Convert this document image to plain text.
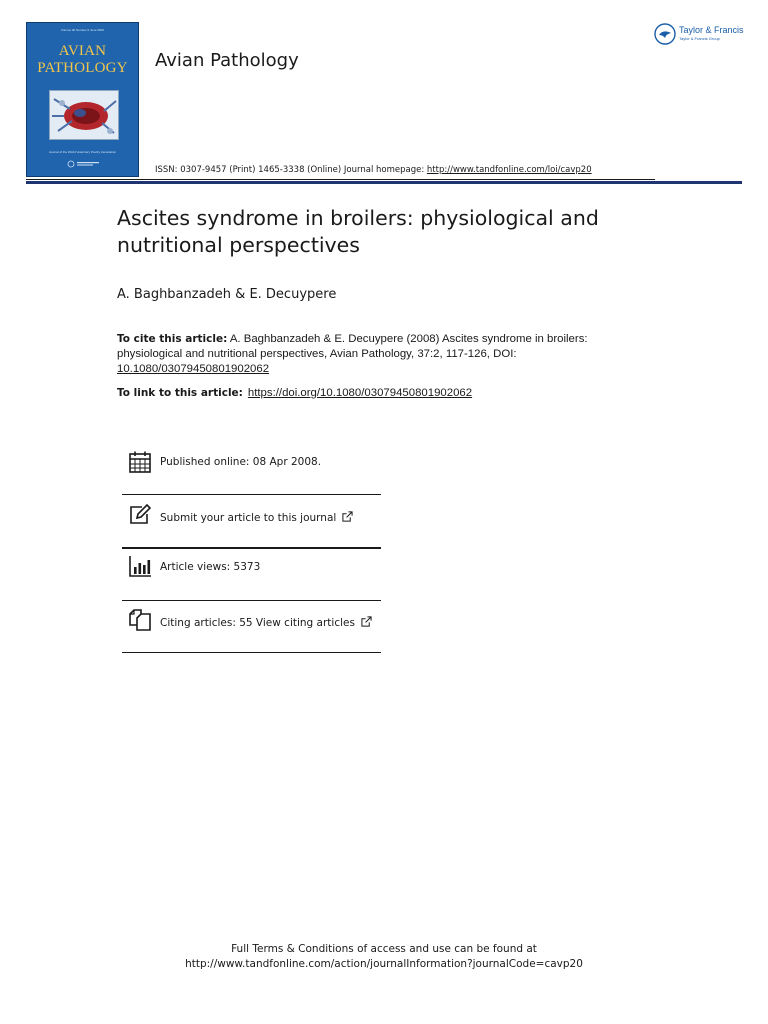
Volume 00 Number 0 June 0000
AVIAN
PATHOLOGY
Journal of the World Veterinary Poultry Association
Avian Pathology
Taylor & Francis
Taylor & Francis Group
ISSN: 0307-9457 (Print) 1465-3338 (Online) Journal homepage: http://www.tandfonline.com/loi/cavp20
Ascites syndrome in broilers: physiological and nutritional perspectives
A. Baghbanzadeh & E. Decuypere
To cite this article: A. Baghbanzadeh & E. Decuypere (2008) Ascites syndrome in broilers: physiological and nutritional perspectives, Avian Pathology, 37:2, 117-126, DOI: 10.1080/03079450801902062
To link to this article: https://doi.org/10.1080/03079450801902062
Published online: 08 Apr 2008.
Submit your article to this journal
Article views: 5373
Citing articles: 55 View citing articles
Full Terms & Conditions of access and use can be found at
http://www.tandfonline.com/action/journalInformation?journalCode=cavp20
